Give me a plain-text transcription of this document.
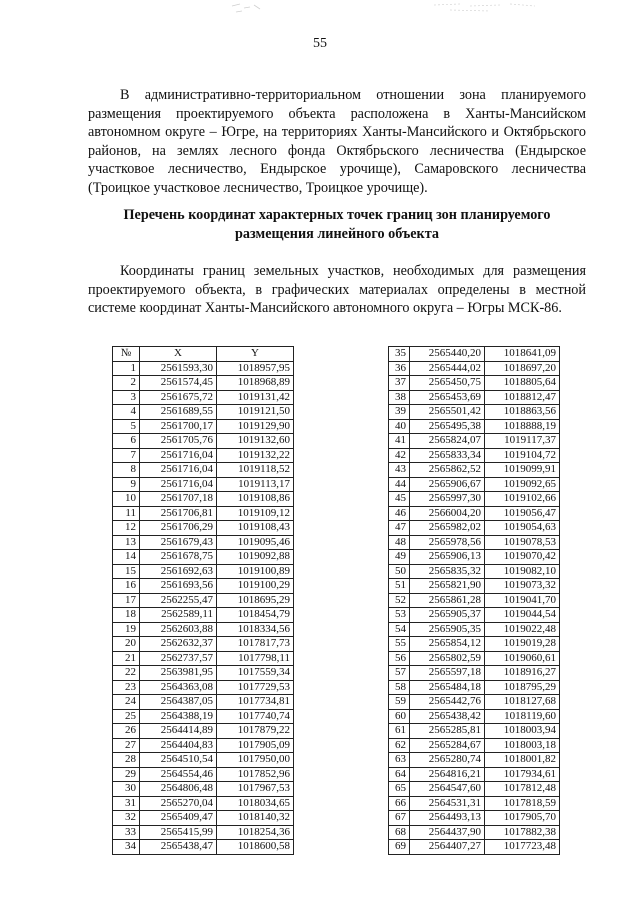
55

В административно-территориальном отношении зона планируемого размещения проектируемого объекта расположена в Ханты-Мансийском автономном округе – Югре, на территориях Ханты-Мансийского и Октябрьского районов, на землях лесного фонда Октябрьского лесничества (Ендырское участковое лесничество, Ендырское урочище), Самаровского лесничества (Троицкое участковое лесничество, Троицкое урочище).

Перечень координат характерных точек границ зон планируемого размещения линейного объекта

Координаты границ земельных участков, необходимых для размещения проектируемого объекта, в графических материалах определены в местной системе координат Ханты-Мансийского автономного округа – Югры МСК-86.

№	X	Y
1	2561593,30	1018957,95
2	2561574,45	1018968,89
3	2561675,72	1019131,42
4	2561689,55	1019121,50
5	2561700,17	1019129,90
6	2561705,76	1019132,60
7	2561716,04	1019132,22
8	2561716,04	1019118,52
9	2561716,04	1019113,17
10	2561707,18	1019108,86
11	2561706,81	1019109,12
12	2561706,29	1019108,43
13	2561679,43	1019095,46
14	2561678,75	1019092,88
15	2561692,63	1019100,89
16	2561693,56	1019100,29
17	2562255,47	1018695,29
18	2562589,11	1018454,79
19	2562603,88	1018334,56
20	2562632,37	1017817,73
21	2562737,57	1017798,11
22	2563981,95	1017559,34
23	2564363,08	1017729,53
24	2564387,05	1017734,81
25	2564388,19	1017740,74
26	2564414,89	1017879,22
27	2564404,83	1017905,09
28	2564510,54	1017950,00
29	2564554,46	1017852,96
30	2564806,48	1017967,53
31	2565270,04	1018034,65
32	2565409,47	1018140,32
33	2565415,99	1018254,36
34	2565438,47	1018600,58
35	2565440,20	1018641,09
36	2565444,02	1018697,20
37	2565450,75	1018805,64
38	2565453,69	1018812,47
39	2565501,42	1018863,56
40	2565495,38	1018888,19
41	2565824,07	1019117,37
42	2565833,34	1019104,72
43	2565862,52	1019099,91
44	2565906,67	1019092,65
45	2565997,30	1019102,66
46	2566004,20	1019056,47
47	2565982,02	1019054,63
48	2565978,56	1019078,53
49	2565906,13	1019070,42
50	2565835,32	1019082,10
51	2565821,90	1019073,32
52	2565861,28	1019041,70
53	2565905,37	1019044,54
54	2565905,35	1019022,48
55	2565854,12	1019019,28
56	2565802,59	1019060,61
57	2565597,18	1018916,27
58	2565484,18	1018795,29
59	2565442,76	1018127,68
60	2565438,42	1018119,60
61	2565285,81	1018003,94
62	2565284,67	1018003,18
63	2565280,74	1018001,82
64	2564816,21	1017934,61
65	2564547,60	1017812,48
66	2564531,31	1017818,59
67	2564493,13	1017905,70
68	2564437,90	1017882,38
69	2564407,27	1017723,48
